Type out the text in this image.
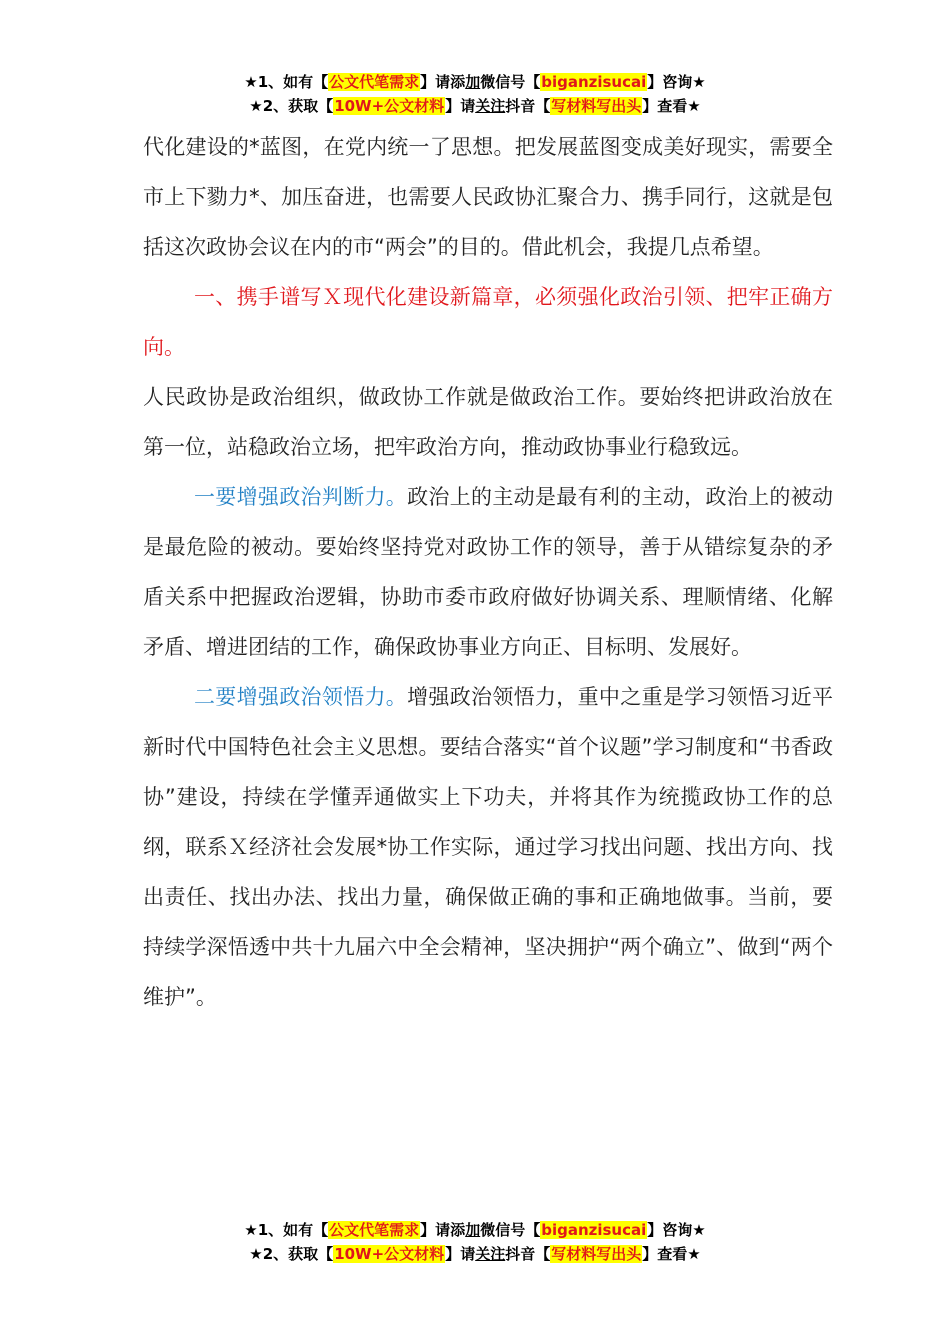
★1、如有【公文代笔需求】请添加微信号【biganzisucai】咨询★
★2、获取【10W+公文材料】请关注抖音【写材料写出头】查看★

代化建设的*蓝图，在党内统一了思想。把发展蓝图变成美好现实，需要全市上下勠力*、加压奋进，也需要人民政协汇聚合力、携手同行，这就是包括这次政协会议在内的市“两会”的目的。借此机会，我提几点希望。

一、携手谱写Ｘ现代化建设新篇章，必须强化政治引领、把牢正确方向。

人民政协是政治组织，做政协工作就是做政治工作。要始终把讲政治放在第一位，站稳政治立场，把牢政治方向，推动政协事业行稳致远。

一要增强政治判断力。政治上的主动是最有利的主动，政治上的被动是最危险的被动。要始终坚持党对政协工作的领导，善于从错综复杂的矛盾关系中把握政治逻辑，协助市委市政府做好协调关系、理顺情绪、化解矛盾、增进团结的工作，确保政协事业方向正、目标明、发展好。

二要增强政治领悟力。增强政治领悟力，重中之重是学习领悟习近平新时代中国特色社会主义思想。要结合落实“首个议题”学习制度和“书香政协”建设，持续在学懂弄通做实上下功夫，并将其作为统揽政协工作的总纲，联系Ｘ经济社会发展*协工作实际，通过学习找出问题、找出方向、找出责任、找出办法、找出力量，确保做正确的事和正确地做事。当前，要持续学深悟透中共十九届六中全会精神，坚决拥护“两个确立”、做到“两个维护”。

★1、如有【公文代笔需求】请添加微信号【biganzisucai】咨询★
★2、获取【10W+公文材料】请关注抖音【写材料写出头】查看★
